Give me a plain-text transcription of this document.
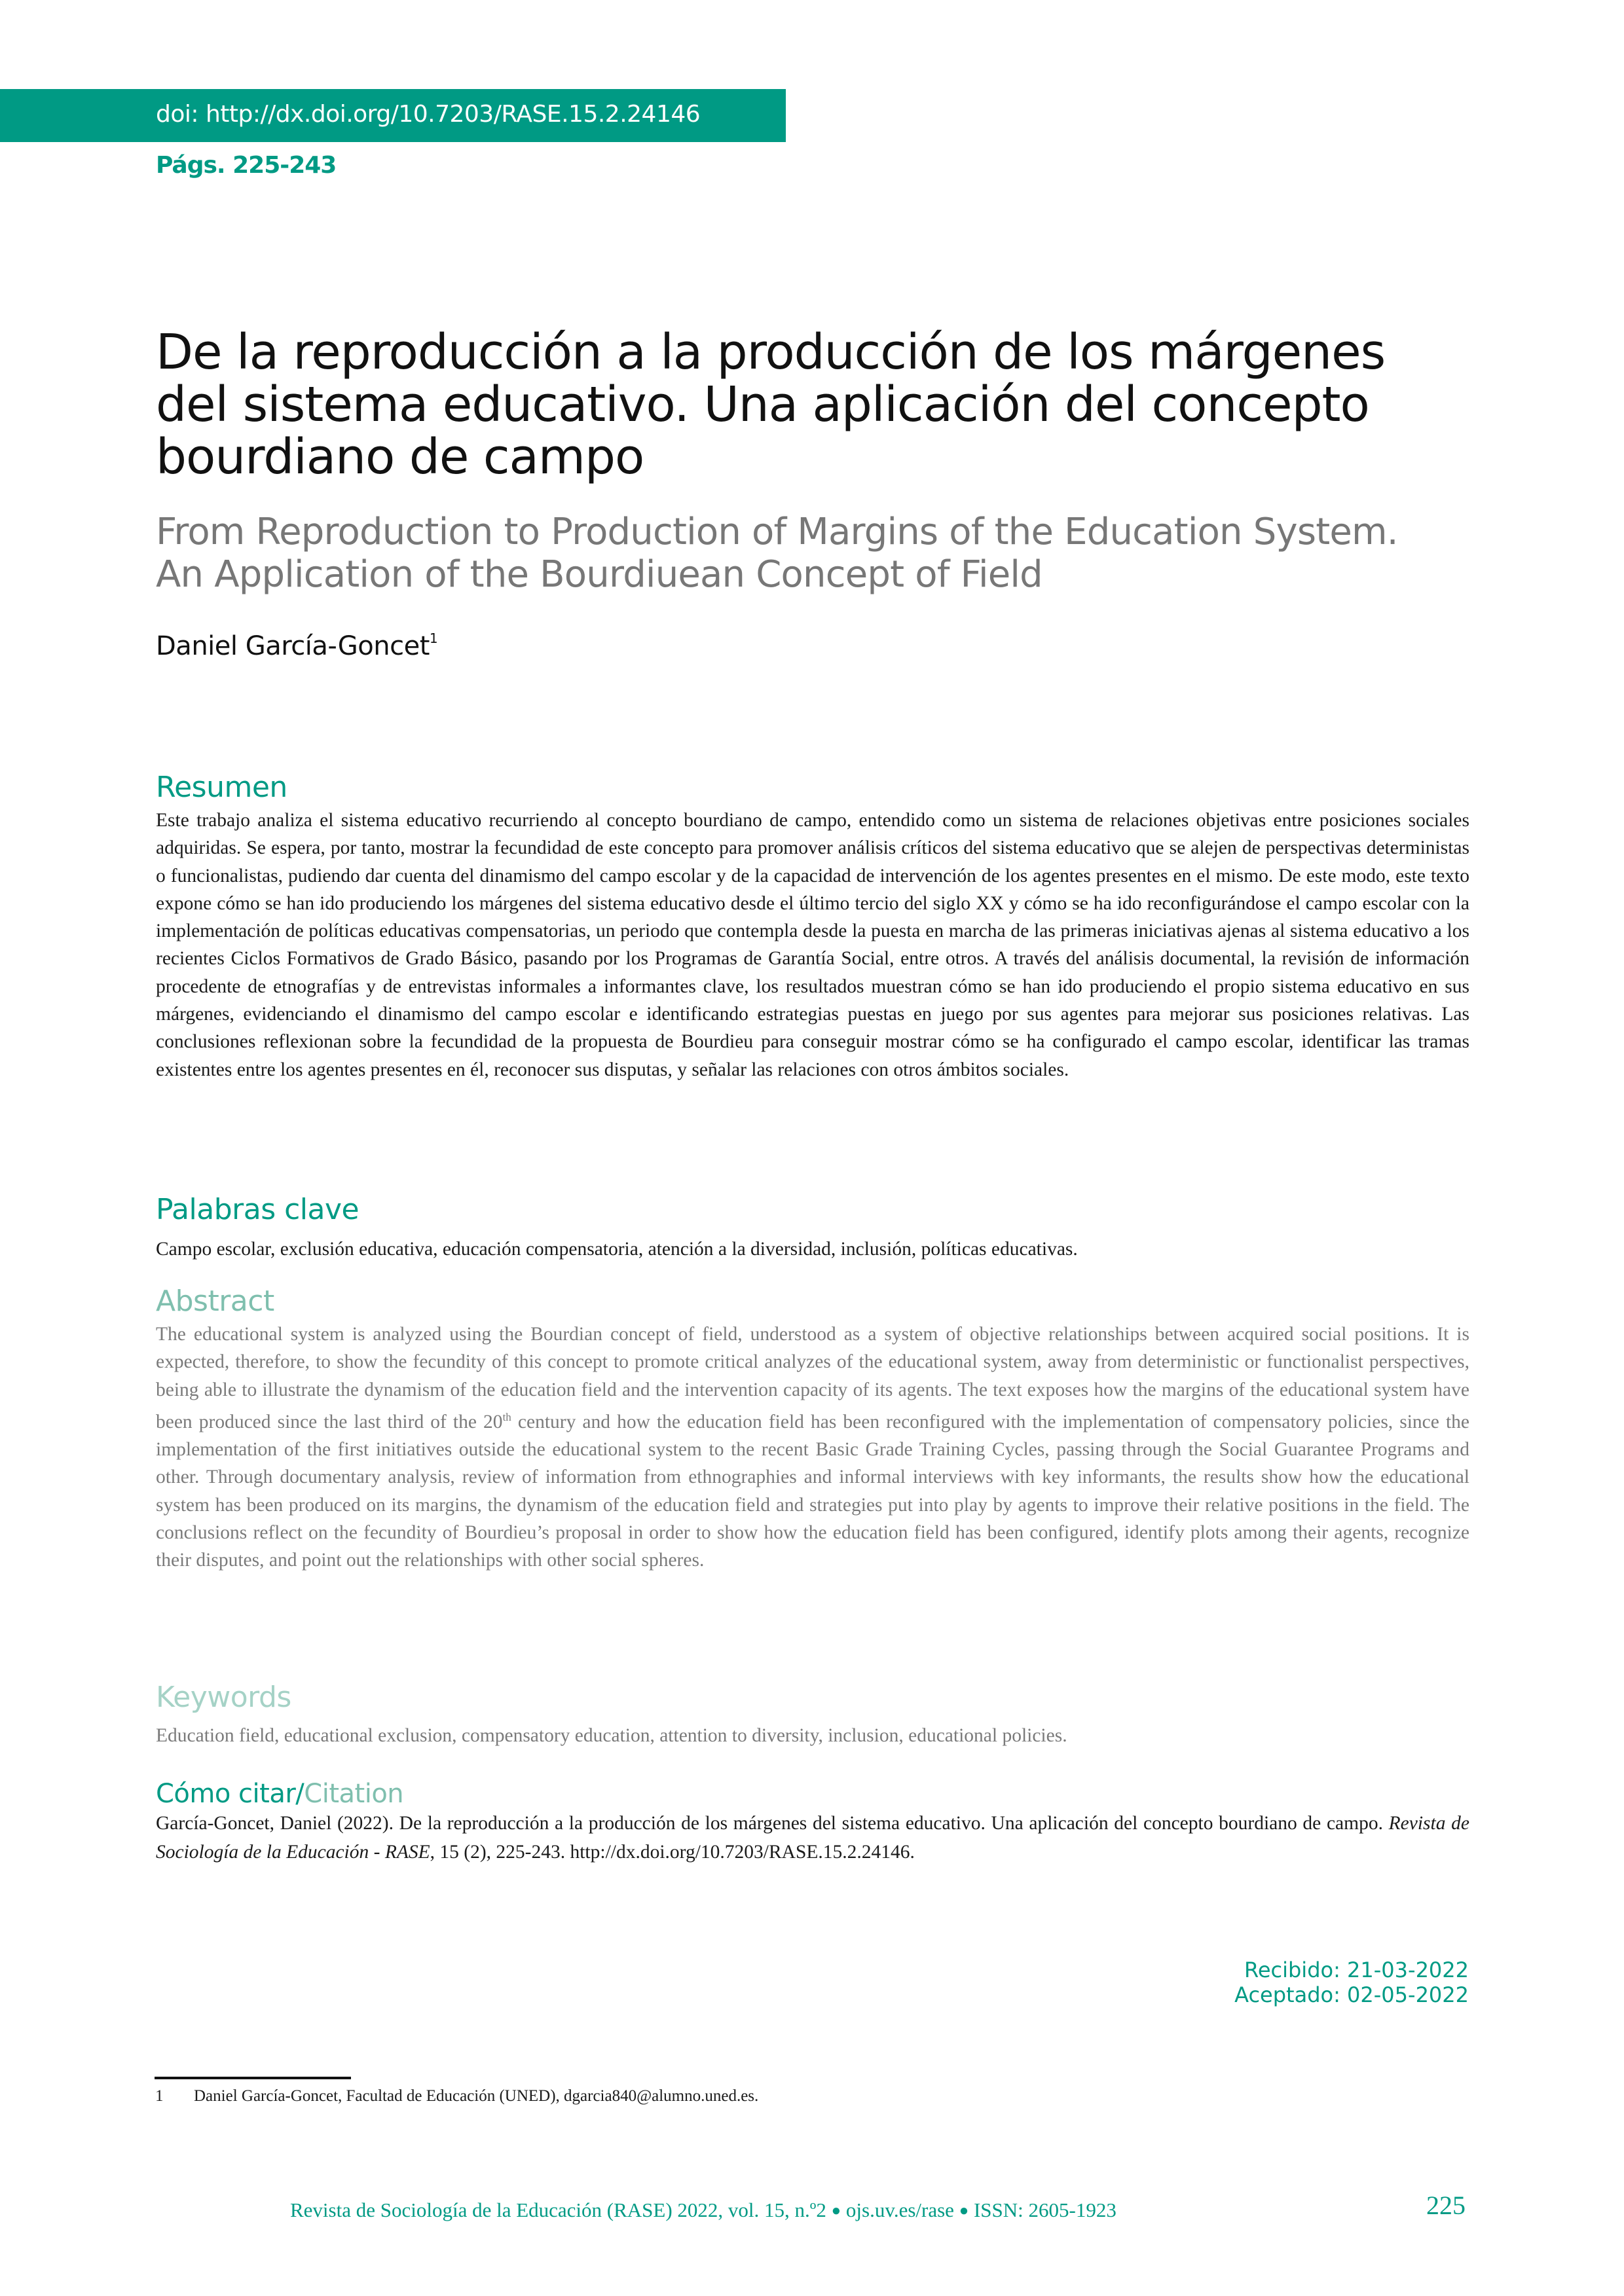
doi: http://dx.doi.org/10.7203/RASE.15.2.24146
Págs. 225-243
De la reproducción a la producción de los márgenes
del sistema educativo. Una aplicación del concepto
bourdiano de campo
From Reproduction to Production of Margins of the Education System.
An Application of the Bourdiuean Concept of Field
Daniel García-Goncet$^1$
Resumen
Este trabajo analiza el sistema educativo recurriendo al concepto bourdiano de campo, entendido como un sistema de relaciones objetivas entre posiciones sociales adquiridas. Se espera, por tanto, mostrar la fecundidad de este concepto para promover análisis críticos del sistema educativo que se alejen de perspectivas deterministas o funcionalistas, pudiendo dar cuenta del dinamismo del campo escolar y de la capacidad de intervención de los agentes presentes en el mismo. De este modo, este texto expone cómo se han ido produciendo los márgenes del sistema educativo desde el último tercio del siglo XX y cómo se ha ido reconfigurándose el campo escolar con la implementación de políticas educativas compensatorias, un periodo que contempla desde la puesta en marcha de las primeras iniciativas ajenas al sistema educativo a los recientes Ciclos Formativos de Grado Básico, pasando por los Programas de Garantía Social, entre otros. A través del análisis documental, la revisión de información procedente de etnografías y de entrevistas informales a informantes clave, los resultados muestran cómo se han ido produciendo el propio sistema educativo en sus márgenes, evidenciando el dinamismo del campo escolar e identificando estrategias puestas en juego por sus agentes para mejorar sus posiciones relativas. Las conclusiones reflexionan sobre la fecundidad de la propuesta de Bourdieu para conseguir mostrar cómo se ha configurado el campo escolar, identificar las tramas existentes entre los agentes presentes en él, reconocer sus disputas, y señalar las relaciones con otros ámbitos sociales.
Palabras clave
Campo escolar, exclusión educativa, educación compensatoria, atención a la diversidad, inclusión, políticas educativas.
Abstract
The educational system is analyzed using the Bourdian concept of field, understood as a system of objective relationships between acquired social positions. It is expected, therefore, to show the fecundity of this concept to promote critical analyzes of the educational system, away from deterministic or functionalist perspectives, being able to illustrate the dynamism of the education field and the intervention capacity of its agents. The text exposes how the margins of the educational system have been produced since the last third of the 20th century and how the education field has been reconfigured with the implementation of compensatory policies, since the implementation of the first initiatives outside the educational system to the recent Basic Grade Training Cycles, passing through the Social Guarantee Programs and other. Through documentary analysis, review of information from ethnographies and informal interviews with key informants, the results show how the educational system has been produced on its margins, the dynamism of the education field and strategies put into play by agents to improve their relative positions in the field. The conclusions reflect on the fecundity of Bourdieu’s proposal in order to show how the education field has been configured, identify plots among their agents, recognize their disputes, and point out the relationships with other social spheres.
Keywords
Education field, educational exclusion, compensatory education, attention to diversity, inclusion, educational policies.
Cómo citar/Citation
García-Goncet, Daniel (2022). De la reproducción a la producción de los márgenes del sistema educativo. Una aplicación del concepto bourdiano de campo. Revista de Sociología de la Educación - RASE, 15 (2), 225-243. http://dx.doi.org/10.7203/RASE.15.2.24146.
Recibido: 21-03-2022
Aceptado: 02-05-2022
1 Daniel García-Goncet, Facultad de Educación (UNED), dgarcia840@alumno.uned.es.
Revista de Sociología de la Educación (RASE) 2022, vol. 15, n.º2 ● ojs.uv.es/rase ● ISSN: 2605-1923	225
